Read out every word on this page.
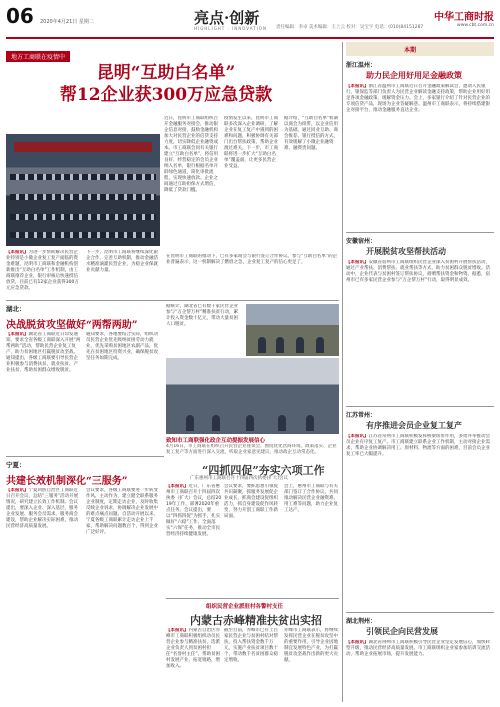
06 2020年4月21日 星期二	亮点·创新
HIGHLIGHT · INNOVATION 责任编辑：李卓 美术编辑：王上云 校对：吴宝宇 电话：(010)84151287
中华工商时报
www.cbt.com.cn
地方工商联在疫情中
昆明“互助白名单”
帮12企业获300万应急贷款
近日，昆明市工商联组织召开金融服务对接会，推动银企信息对接，鼓励金融机构加大对民营企业的信贷支持力度，切实降低企业融资成本。市工商联会同有关银行建立“互助白名单”，将信用良好、经营稳定的会员企业纳入名单，银行根据名单开辟绿色通道，简化审批流程，实现快速放款。企业之间通过互助担保方式增信，降低了贷款门槛。
疫情发生以来，昆明市工商联多次深入企业调研，了解企业在复工复产中遇到的困难和问题，积极协调有关部门出台帮扶政策，帮助企业渡过难关。下一步，市工商联将进一步扩大“互助白名单”覆盖面，让更多民营企业受益。
据介绍，“互助白名单”机制以商会为纽带，以企业信用为基础，通过同业互助、商会推荐、银行授信的方式，有效缓解了小微企业融资难、融资贵问题。
【本报讯】为进一步帮助解决民营企业特别是小微企业复工复产面临的资金难题，昆明市工商联和金融机构创新推出“互助白名单”工作机制，由工商联推荐企业，银行审核后快速授信放贷，目前已有12家企业获得300万元应急贷款。
下一步，昆明市工商联将继续深化银企合作，完善互助机制，推动金融活水精准滴灌民营企业，为稳企业保就业贡献力量。
在昆明市工商联的推动下，已有多家商会与银行签订合作协议。参与“互助白名单”的企业普遍表示，这一机制解决了燃眉之急，企业复工复产的信心更足了。
湖北：
决战脱贫攻坚做好“两帮两助”
【本报讯】湖北省工商联近日印发通知，要求全省各级工商联深入开展“两帮两助”活动，帮助民营企业复工复产，助力贫困地区打赢脱贫攻坚战。通知提出，各级工商联要引导民营企业积极参与消费扶贫、就业扶贫、产业扶贫，帮助贫困群众增收脱贫。
通知要求，各地要结合实际，组织动员民营企业优先吸纳贫困劳动力就业，优先采购贫困地区农副产品，优先在贫困地区投资兴业，确保脱贫攻坚任务如期完成。
据统计，湖北省已有数千家民营企业参与“万企帮万村”精准扶贫行动，累计投入资金数十亿元，带动大量贫困人口脱贫。
宁夏：
共建长效机制深化“三服务”
【本报讯】宁夏回族自治区工商联近日召开会议，总结“三服务”活动开展情况，研究建立长效工作机制。会议提出，要深入企业、深入基层，服务企业发展、服务会员需求、服务商会建设，帮助企业解决实际困难，推动民营经济高质量发展。
会议要求，各级工商联要进一步转变作风，主动作为，建立健全联系服务企业制度，定期走访企业，及时收集反映企业诉求，协调解决企业发展中的难点痛点问题。自活动开展以来，宁夏各级工商联累计走访企业上千家，帮助解决问题数百个，得到企业广泛好评。
致知市工商联强化政企互动提振发展信心
4月16日，市工商联在组织召开民营企业座谈会，围绕优化营商环境、政策落实、企业复工复产等方面进行深入交流，听取企业家意见建议，推动政企互动常态化。
“四抓四促”夯实六项工作
广东惠州市工商联召开十四届四次执委(扩大)会议
【本报讯】近日，广东省惠州市工商联召开十四届四次执委（扩大）会议，总结2019年工作，部署2020年重点任务。会议提出，要以“四抓四促”为抓手，扎实做好“六稳”工作，全面落实“六保”任务，推动全市民营经济持续健康发展。
会议要求，要抓思想引领促共识凝聚，抓服务发展促企业成长，抓商会建设促组织活力，抓自身建设促作风转变，努力开创工商联工作新局面。
会上，惠州市工商联与有关部门签订了合作协议，共同推动解决民营企业融资难、用工难等问题，助力企业复工达产。
组织民营企业派驻村各警村支任
内蒙古赤峰精准扶贫出实招
【本报讯】内蒙古自治区赤峰市工商联积极组织动员民营企业参与精准扶贫，选派企业负责人到贫困村担任“名誉村主任”，帮助贫困村发展产业、拓宽销路、增加收入。
截至目前，赤峰市已有上百家民营企业与贫困村结对帮扶，投入帮扶资金数千万元，实施产业扶贫项目数十个，带动数千名贫困群众稳定增收。
赤峰市工商联表示，将继续发挥民营企业在脱贫攻坚中的重要作用，引导企业因地制宜发展特色产业，为打赢脱贫攻坚战作出新的更大贡献。
本期
浙江温州：
助力民企用好用足金融政策
【本报讯】浙江省温州市工商联近日召开金融政策解读会，邀请人民银行、银保监等部门负责人为民营企业解读金融支持政策，帮助企业用好用足各项金融政策，缓解资金压力。会上，多家银行介绍了针对民营企业的专项信贷产品，现场为企业答疑解惑。温州市工商联表示，将持续搭建银企对接平台，推动金融服务直达企业。
安徽宿州：
开展脱贫攻坚帮扶活动
【本报讯】安徽省宿州市工商联组织民营企业深入贫困村开展帮扶活动，通过产业帮扶、消费帮扶、就业帮扶等方式，助力贫困群众脱贫增收。活动中，企业代表与贫困村签订帮扶协议，捐赠帮扶资金和物资。据悉，宿州市已有多家民营企业参与“万企帮万村”行动，取得明显成效。
江苏常州：
有序推进会员企业复工复产
【本报讯】江苏省常州市工商联积极发挥桥梁纽带作用，多措并举推动会员企业有序复工复产。市工商联建立联系企业工作机制，主动对接企业需求，帮助企业协调解决用工、原材料、物流等方面的困难，目前会员企业复工率已大幅提升。
湖北荆州：
引领民企向民营发展
【本报讯】湖北省荆州市工商联积极引导民营企业坚定发展信心，加快转型升级，推动民营经济高质量发展。市工商联组织企业家参加培训交流活动，帮助企业拓展市场，提升发展能力。
